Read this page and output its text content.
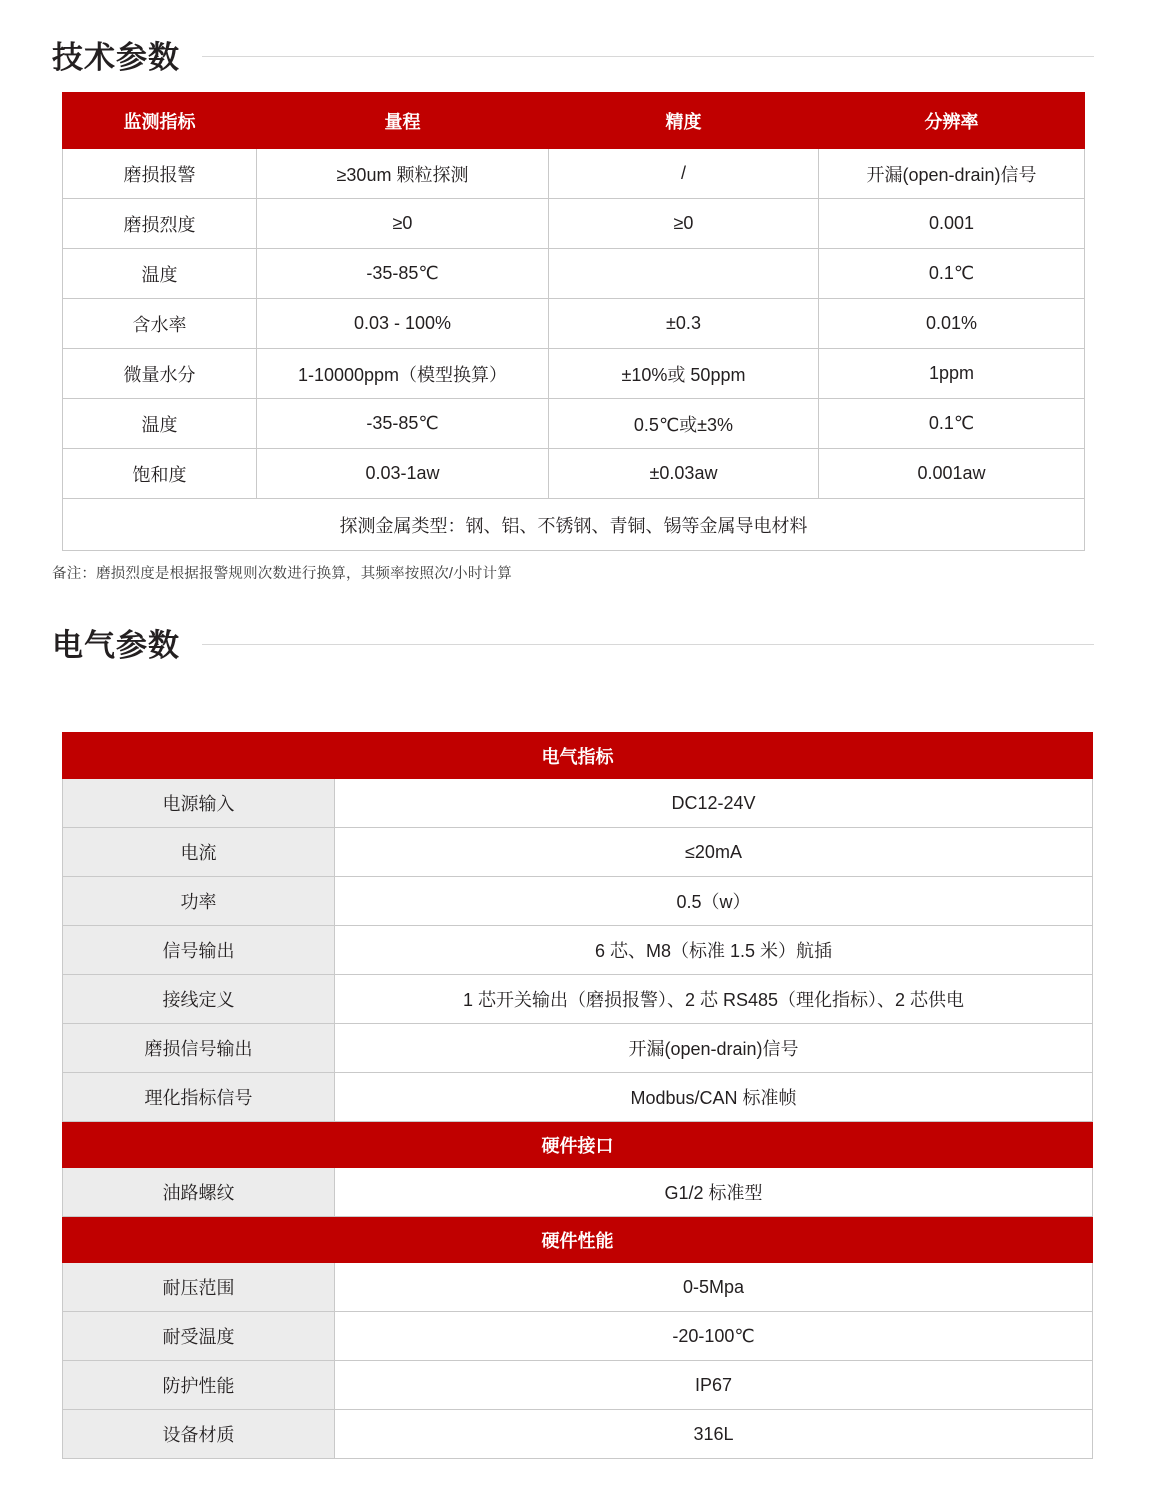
技术参数
监测指标	量程	精度	分辨率
磨损报警	≥30um 颗粒探测	/	开漏(open-drain)信号
磨损烈度	≥0	≥0	0.001
温度	-35-85℃		0.1℃
含水率	0.03 - 100%	±0.3	0.01%
微量水分	1-10000ppm（模型换算）	±10%或 50ppm	1ppm
温度	-35-85℃	0.5℃或±3%	0.1℃
饱和度	0.03-1aw	±0.03aw	0.001aw
探测金属类型：钢、铝、不锈钢、青铜、锡等金属导电材料			
备注：磨损烈度是根据报警规则次数进行换算，其频率按照次/小时计算
电气参数
电气指标	
电源输入	DC12-24V
电流	≤20mA
功率	0.5（w）
信号输出	6 芯、M8（标准 1.5 米）航插
接线定义	1 芯开关输出（磨损报警）、2 芯 RS485（理化指标）、2 芯供电
磨损信号输出	开漏(open-drain)信号
理化指标信号	Modbus/CAN 标准帧
硬件接口	
油路螺纹	G1/2 标准型
硬件性能	
耐压范围	0-5Mpa
耐受温度	-20-100℃
防护性能	IP67
设备材质	316L
